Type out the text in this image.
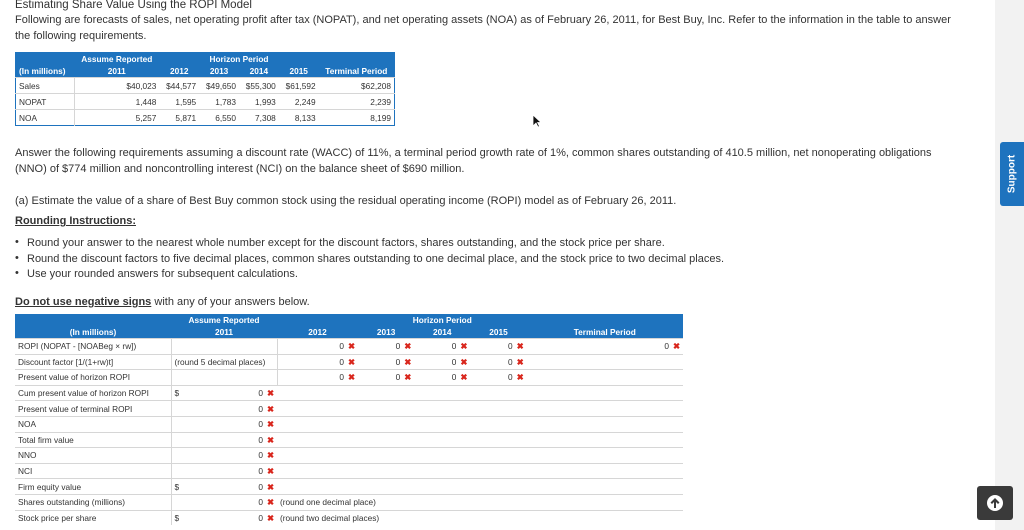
Estimating Share Value Using the ROPI Model
Following are forecasts of sales, net operating profit after tax (NOPAT), and net operating assets (NOA) as of February 26, 2011, for Best Buy, Inc. Refer to the information in the table to answer
the following requirements.
	Assume Reported	Horizon Period				
(In millions)	2011	2012	2013	2014	2015	Terminal Period
Sales	$40,023	$44,577	$49,650	$55,300	$61,592	$62,208
NOPAT	1,448	1,595	1,783	1,993	2,249	2,239
NOA	5,257	5,871	6,550	7,308	8,133	8,199
Answer the following requirements assuming a discount rate (WACC) of 11%, a terminal period growth rate of 1%, common shares outstanding of 410.5 million, net nonoperating obligations
(NNO) of $774 million and noncontrolling interest (NCI) on the balance sheet of $690 million.
(a) Estimate the value of a share of Best Buy common stock using the residual operating income (ROPI) model as of February 26, 2011.
Rounding Instructions:
• Round your answer to the nearest whole number except for the discount factors, shares outstanding, and the stock price per share.
• Round the discount factors to five decimal places, common shares outstanding to one decimal place, and the stock price to two decimal places.
• Use your rounded answers for subsequent calculations.
Do not use negative signs with any of your answers below.
	Assume Reported		Horizon Period			
(In millions)	2011	2012	2013	2014	2015	Terminal Period
ROPI (NOPAT - [NOABeg × rw])		0 ✖	0 ✖	0 ✖	0 ✖	0 ✖
Discount factor [1/(1+rw)t]	(round 5 decimal places)	0 ✖	0 ✖	0 ✖	0 ✖	
Present value of horizon ROPI		0 ✖	0 ✖	0 ✖	0 ✖	
Cum present value of horizon ROPI	$ 0 ✖					
Present value of terminal ROPI	0 ✖					
NOA	0 ✖					
Total firm value	0 ✖					
NNO	0 ✖					
NCI	0 ✖					
Firm equity value	$ 0 ✖					
Shares outstanding (millions)	0 ✖	(round one decimal place)				
Stock price per share	$ 0 ✖	(round two decimal places)				
Support
